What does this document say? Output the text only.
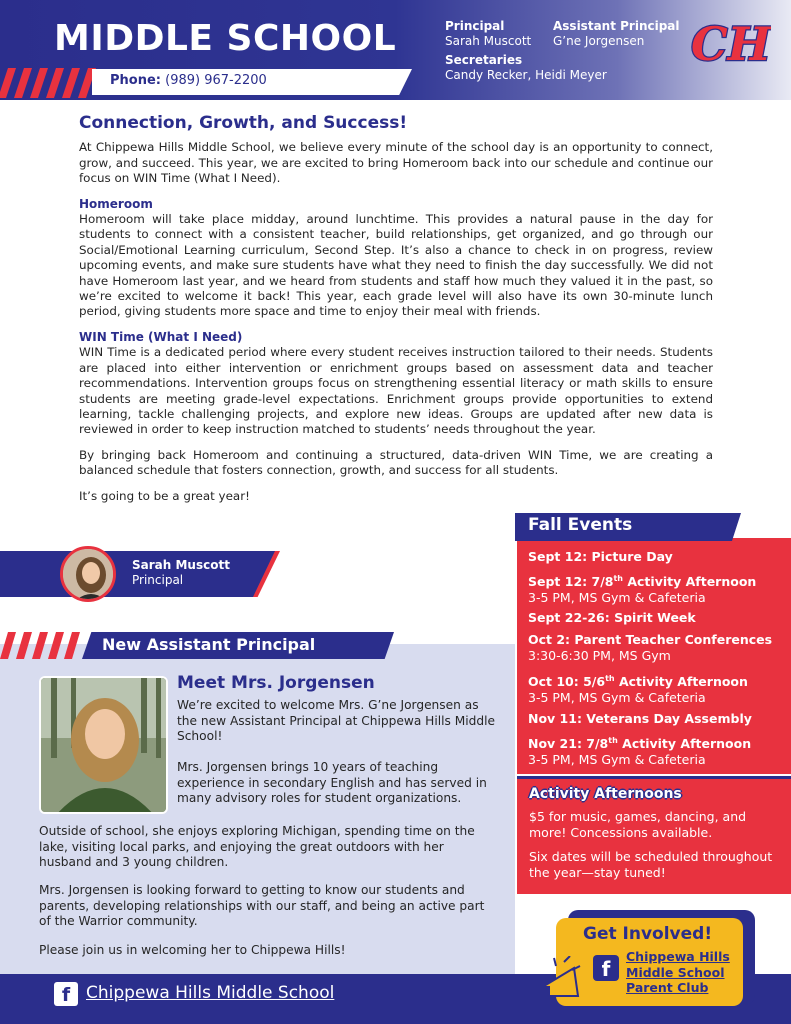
MIDDLE SCHOOL
Phone: (989) 967-2200
Principal
Sarah Muscott
Assistant Principal
G’ne Jorgensen
Secretaries
Candy Recker, Heidi Meyer
CH
Connection, Growth, and Success!

At Chippewa Hills Middle School, we believe every minute of the school day is an opportunity to connect, grow, and succeed. This year, we are excited to bring Homeroom back into our schedule and continue our focus on WIN Time (What I Need).

Homeroom

Homeroom will take place midday, around lunchtime. This provides a natural pause in the day for students to connect with a consistent teacher, build relationships, get organized, and go through our Social/Emotional Learning curriculum, Second Step. It’s also a chance to check in on progress, review upcoming events, and make sure students have what they need to finish the day successfully. We did not have Homeroom last year, and we heard from students and staff how much they valued it in the past, so we’re excited to welcome it back! This year, each grade level will also have its own 30-minute lunch period, giving students more space and time to enjoy their meal with friends.

WIN Time (What I Need)

WIN Time is a dedicated period where every student receives instruction tailored to their needs. Students are placed into either intervention or enrichment groups based on assessment data and teacher recommendations. Intervention groups focus on strengthening essential literacy or math skills to ensure students are meeting grade-level expectations. Enrichment groups provide opportunities to extend learning, tackle challenging projects, and explore new ideas. Groups are updated after new data is reviewed in order to keep instruction matched to students’ needs throughout the year.

By bringing back Homeroom and continuing a structured, data-driven WIN Time, we are creating a balanced schedule that fosters connection, growth, and success for all students.

It’s going to be a great year!

Sarah Muscott
Principal
New Assistant Principal
Meet Mrs. Jorgensen
We’re excited to welcome Mrs. G’ne Jorgensen as the new Assistant Principal at Chippewa Hills Middle School!
Mrs. Jorgensen brings 10 years of teaching experience in secondary English and has served in many advisory roles for student organizations.
Outside of school, she enjoys exploring Michigan, spending time on the lake, visiting local parks, and enjoying the great outdoors with her husband and 3 young children.
Mrs. Jorgensen is looking forward to getting to know our students and parents, developing relationships with our staff, and being an active part of the Warrior community.
Please join us in welcoming her to Chippewa Hills!
Fall Events
Sept 12: Picture Day
Sept 12: 7/8th Activity Afternoon
3-5 PM, MS Gym & Cafeteria
Sept 22-26: Spirit Week
Oct 2: Parent Teacher Conferences
3:30-6:30 PM, MS Gym
Oct 10: 5/6th Activity Afternoon
3-5 PM, MS Gym & Cafeteria
Nov 11: Veterans Day Assembly
Nov 21: 7/8th Activity Afternoon
3-5 PM, MS Gym & Cafeteria
Activity Afternoons
$5 for music, games, dancing, and more! Concessions available.
Six dates will be scheduled throughout the year—stay tuned!
f Chippewa Hills Middle School
Get Involved!
f
Chippewa Hills Middle School Parent Club
